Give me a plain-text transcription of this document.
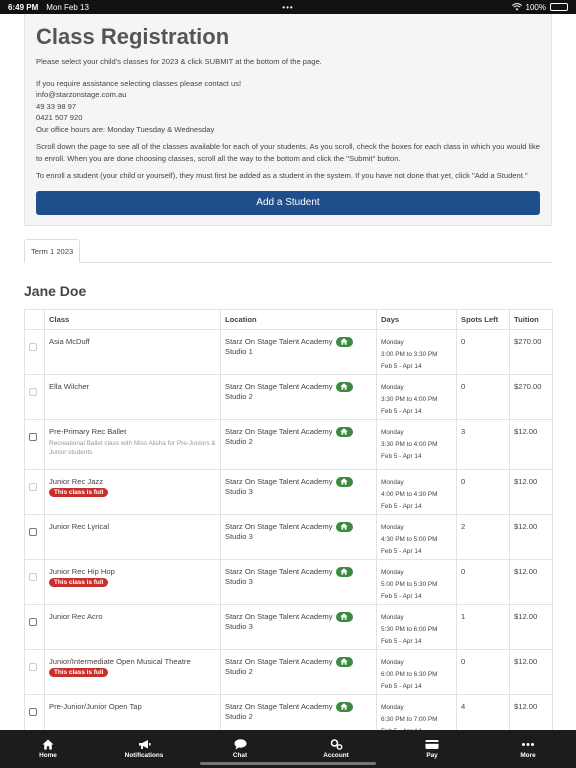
6:49 PM Mon Feb 13	•••	100%
Class Registration

Please select your child's classes for 2023 & click SUBMIT at the bottom of the page.

If you require assistance selecting classes please contact us!

info@starzonstage.com.au

49 33 98 97

0421 507 920

Our office hours are: Monday Tuesday & Wednesday

Scroll down the page to see all of the classes available for each of your students. As you scroll, check the boxes for each class in which you would like to enroll. When you are done choosing classes, scroll all the way to the bottom and click the "Submit" button.

To enroll a student (your child or yourself), they must first be added as a student in the system. If you have not done that yet, click "Add a Student."

Add a Student
Term 1 2023
Jane Doe
	Class	Location	Days	Spots Left	Tuition

	Asia McDuff	Starz On Stage Talent Academy
Studio 1	Monday
3:00 PM to 3:30 PM
Feb 5 - Apr 14	0	$270.00

	Ella Wilcher	Starz On Stage Talent Academy
Studio 2	Monday
3:30 PM to 4:00 PM
Feb 5 - Apr 14	0	$270.00

	Pre-Primary Rec Ballet
Recreational Ballet class with Miss Alisha for Pre-Juniors & Junior students	Starz On Stage Talent Academy
Studio 2	Monday
3:30 PM to 4:00 PM
Feb 5 - Apr 14	3	$12.00

	Junior Rec Jazz
This class is full	Starz On Stage Talent Academy
Studio 3	Monday
4:00 PM to 4:30 PM
Feb 5 - Apr 14	0	$12.00

	Junior Rec Lyrical	Starz On Stage Talent Academy
Studio 3	Monday
4:30 PM to 5:00 PM
Feb 5 - Apr 14	2	$12.00

	Junior Rec Hip Hop
This class is full	Starz On Stage Talent Academy
Studio 3	Monday
5:00 PM to 5:30 PM
Feb 5 - Apr 14	0	$12.00

	Junior Rec Acro	Starz On Stage Talent Academy
Studio 3	Monday
5:30 PM to 6:00 PM
Feb 5 - Apr 14	1	$12.00

	Junior/Intermediate Open Musical Theatre
This class is full	Starz On Stage Talent Academy
Studio 2	Monday
6:00 PM to 6:30 PM
Feb 5 - Apr 14	0	$12.00

	Pre-Junior/Junior Open Tap	Starz On Stage Talent Academy
Studio 2	Monday
6:30 PM to 7:00 PM	4	$12.00
Home	Notifications	Chat	Account	Pay	More
